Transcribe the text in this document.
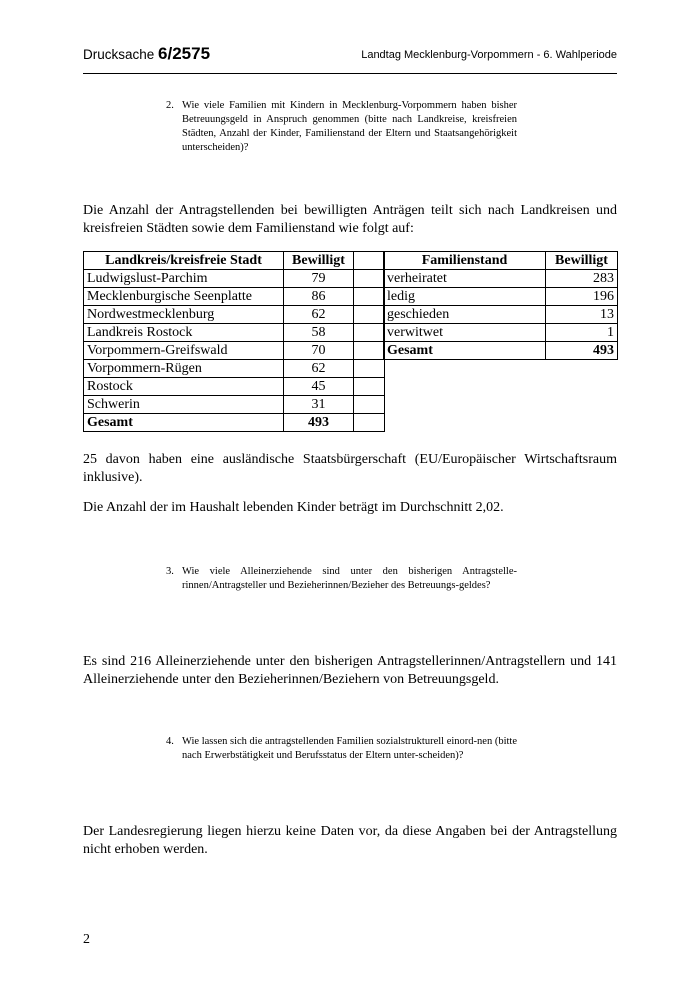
Drucksache 6/2575	Landtag Mecklenburg-Vorpommern - 6. Wahlperiode
2. Wie viele Familien mit Kindern in Mecklenburg-Vorpommern haben bisher Betreuungsgeld in Anspruch genommen (bitte nach Landkreise, kreisfreien Städten, Anzahl der Kinder, Familienstand der Eltern und Staatsangehörigkeit unterscheiden)?
Die Anzahl der Antragstellenden bei bewilligten Anträgen teilt sich nach Landkreisen und kreisfreien Städten sowie dem Familienstand wie folgt auf:
Landkreis/kreisfreie Stadt	Bewilligt	
Ludwigslust-Parchim	79	
Mecklenburgische Seenplatte	86	
Nordwestmecklenburg	62	
Landkreis Rostock	58	
Vorpommern-Greifswald	70	
Vorpommern-Rügen	62	
Rostock	45	
Schwerin	31	
Gesamt	493	
Familienstand	Bewilligt
verheiratet	283
ledig	196
geschieden	13
verwitwet	1
Gesamt	493
25 davon haben eine ausländische Staatsbürgerschaft (EU/Europäischer Wirtschaftsraum inklusive).
Die Anzahl der im Haushalt lebenden Kinder beträgt im Durchschnitt 2,02.
3. Wie viele Alleinerziehende sind unter den bisherigen Antragstelle-rinnen/Antragsteller und Bezieherinnen/Bezieher des Betreuungs-geldes?
Es sind 216 Alleinerziehende unter den bisherigen Antragstellerinnen/Antragstellern und 141 Alleinerziehende unter den Bezieherinnen/Beziehern von Betreuungsgeld.
4. Wie lassen sich die antragstellenden Familien sozialstrukturell einord-nen (bitte nach Erwerbstätigkeit und Berufsstatus der Eltern unter-scheiden)?
Der Landesregierung liegen hierzu keine Daten vor, da diese Angaben bei der Antragstellung nicht erhoben werden.
2
